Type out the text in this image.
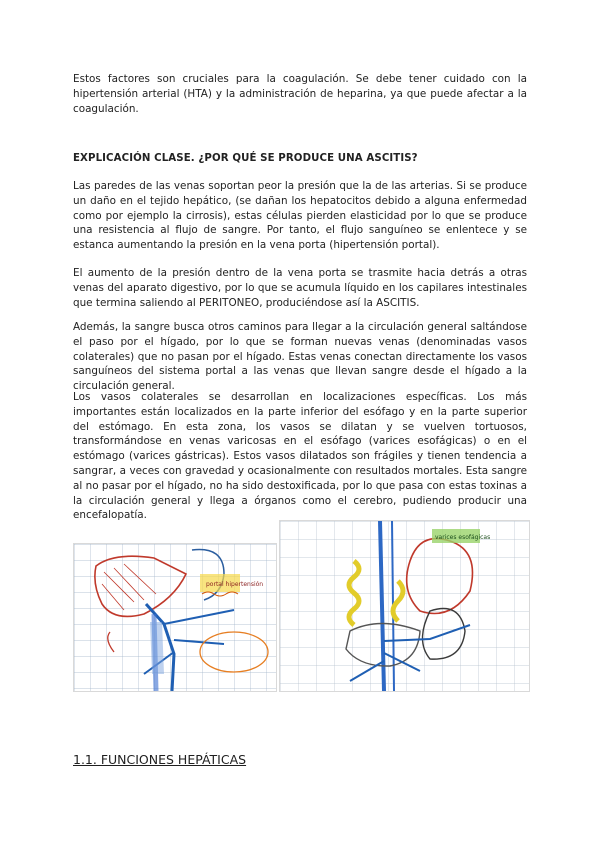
Estos factores son cruciales para la coagulación. Se debe tener cuidado con la hipertensión arterial (HTA) y la administración de heparina, ya que puede afectar a la coagulación.

EXPLICACIÓN CLASE. ¿POR QUÉ SE PRODUCE UNA ASCITIS?

Las paredes de las venas soportan peor la presión que la de las arterias. Si se produce un daño en el tejido hepático, (se dañan los hepatocitos debido a alguna enfermedad como por ejemplo la cirrosis), estas células pierden elasticidad por lo que se produce una resistencia al flujo de sangre. Por tanto, el flujo sanguíneo se enlentece y se estanca aumentando la presión en la vena porta (hipertensión portal).

El aumento de la presión dentro de la vena porta se trasmite hacia detrás a otras venas del aparato digestivo, por lo que se acumula líquido en los capilares intestinales que termina saliendo al PERITONEO, produciéndose así la ASCITIS.

Además, la sangre busca otros caminos para llegar a la circulación general saltándose el paso por el hígado, por lo que se forman nuevas venas (denominadas vasos colaterales) que no pasan por el hígado. Estas venas conectan directamente los vasos sanguíneos del sistema portal a las venas que llevan sangre desde el hígado a la circulación general.

Los vasos colaterales se desarrollan en localizaciones específicas. Los más importantes están localizados en la parte inferior del esófago y en la parte superior del estómago. En esta zona, los vasos se dilatan y se vuelven tortuosos, transformándose en venas varicosas en el esófago (varices esofágicas) o en el estómago (varices gástricas). Estos vasos dilatados son frágiles y tienen tendencia a sangrar, a veces con gravedad y ocasionalmente con resultados mortales. Esta sangre al no pasar por el hígado, no ha sido destoxificada, por lo que pasa con estas toxinas a la circulación general y llega a órganos como el cerebro, pudiendo producir una encefalopatía.

portal hipertensión
varices esofágicas

1.1. FUNCIONES HEPÁTICAS
